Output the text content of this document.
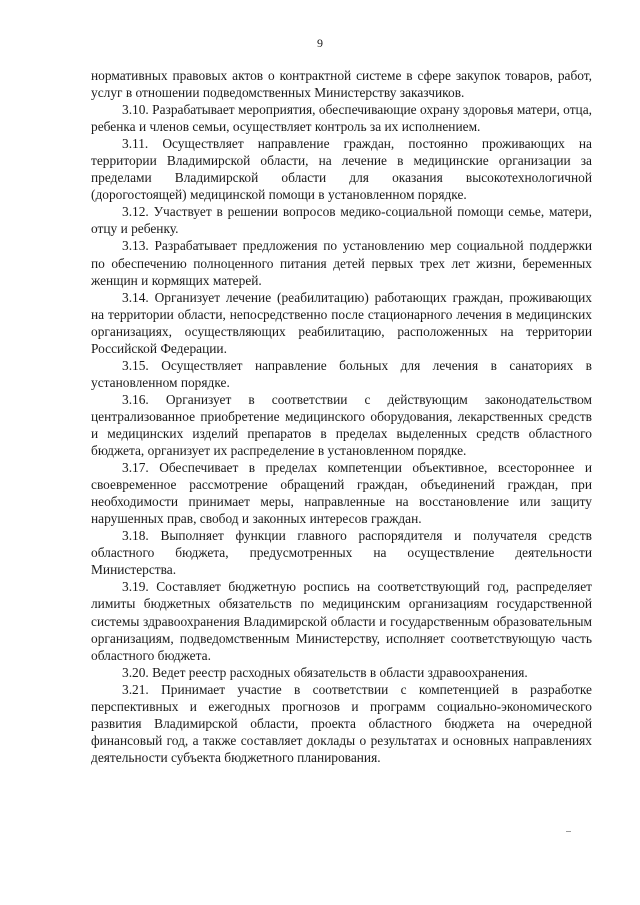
9

нормативных правовых актов о контрактной системе в сфере закупок товаров, работ, услуг в отношении подведомственных Министерству заказчиков.

3.10. Разрабатывает мероприятия, обеспечивающие охрану здоровья матери, отца, ребенка и членов семьи, осуществляет контроль за их исполнением.

3.11. Осуществляет направление граждан, постоянно проживающих на территории Владимирской области, на лечение в медицинские организации за пределами Владимирской области для оказания высокотехнологичной (дорогостоящей) медицинской помощи в установленном порядке.

3.12. Участвует в решении вопросов медико-социальной помощи семье, матери, отцу и ребенку.

3.13. Разрабатывает предложения по установлению мер социальной поддержки по обеспечению полноценного питания детей первых трех лет жизни, беременных женщин и кормящих матерей.

3.14. Организует лечение (реабилитацию) работающих граждан, проживающих на территории области, непосредственно после стационарного лечения в медицинских организациях, осуществляющих реабилитацию, расположенных на территории Российской Федерации.

3.15. Осуществляет направление больных для лечения в санаториях в установленном порядке.

3.16. Организует в соответствии с действующим законодательством централизованное приобретение медицинского оборудования, лекарственных средств и медицинских изделий препаратов в пределах выделенных средств областного бюджета, организует их распределение в установленном порядке.

3.17. Обеспечивает в пределах компетенции объективное, всестороннее и своевременное рассмотрение обращений граждан, объединений граждан, при необходимости принимает меры, направленные на восстановление или защиту нарушенных прав, свобод и законных интересов граждан.

3.18. Выполняет функции главного распорядителя и получателя средств областного бюджета, предусмотренных на осуществление деятельности Министерства.

3.19. Составляет бюджетную роспись на соответствующий год, распределяет лимиты бюджетных обязательств по медицинским организациям государственной системы здравоохранения Владимирской области и государственным образовательным организациям, подведомственным Министерству, исполняет соответствующую часть областного бюджета.

3.20. Ведет реестр расходных обязательств в области здравоохранения.

3.21. Принимает участие в соответствии с компетенцией в разработке перспективных и ежегодных прогнозов и программ социально-экономического развития Владимирской области, проекта областного бюджета на очередной финансовый год, а также составляет доклады о результатах и основных направлениях деятельности субъекта бюджетного планирования.
